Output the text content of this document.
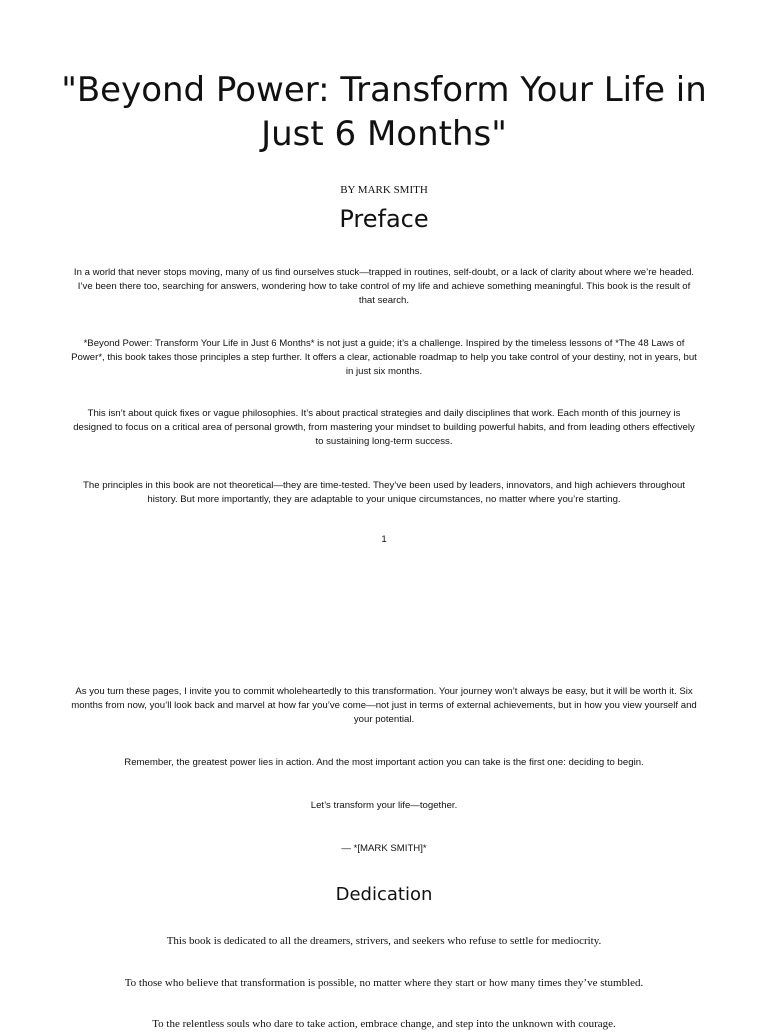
"Beyond Power: Transform Your Life in Just 6 Months"
BY MARK SMITH
Preface

In a world that never stops moving, many of us find ourselves stuck—trapped in routines, self-doubt, or a lack of clarity about where we’re headed. I’ve been there too, searching for answers, wondering how to take control of my life and achieve something meaningful. This book is the result of that search.

*Beyond Power: Transform Your Life in Just 6 Months* is not just a guide; it’s a challenge. Inspired by the timeless lessons of *The 48 Laws of Power*, this book takes those principles a step further. It offers a clear, actionable roadmap to help you take control of your destiny, not in years, but in just six months.

This isn’t about quick fixes or vague philosophies. It’s about practical strategies and daily disciplines that work. Each month of this journey is designed to focus on a critical area of personal growth, from mastering your mindset to building powerful habits, and from leading others effectively to sustaining long-term success.

The principles in this book are not theoretical—they are time-tested. They’ve been used by leaders, innovators, and high achievers throughout history. But more importantly, they are adaptable to your unique circumstances, no matter where you’re starting.

1

As you turn these pages, I invite you to commit wholeheartedly to this transformation. Your journey won’t always be easy, but it will be worth it. Six months from now, you’ll look back and marvel at how far you’ve come—not just in terms of external achievements, but in how you view yourself and your potential.

Remember, the greatest power lies in action. And the most important action you can take is the first one: deciding to begin.

Let’s transform your life—together.

— *[MARK SMITH]*

Dedication

This book is dedicated to all the dreamers, strivers, and seekers who refuse to settle for mediocrity.

To those who believe that transformation is possible, no matter where they start or how many times they’ve stumbled.

To the relentless souls who dare to take action, embrace change, and step into the unknown with courage.
